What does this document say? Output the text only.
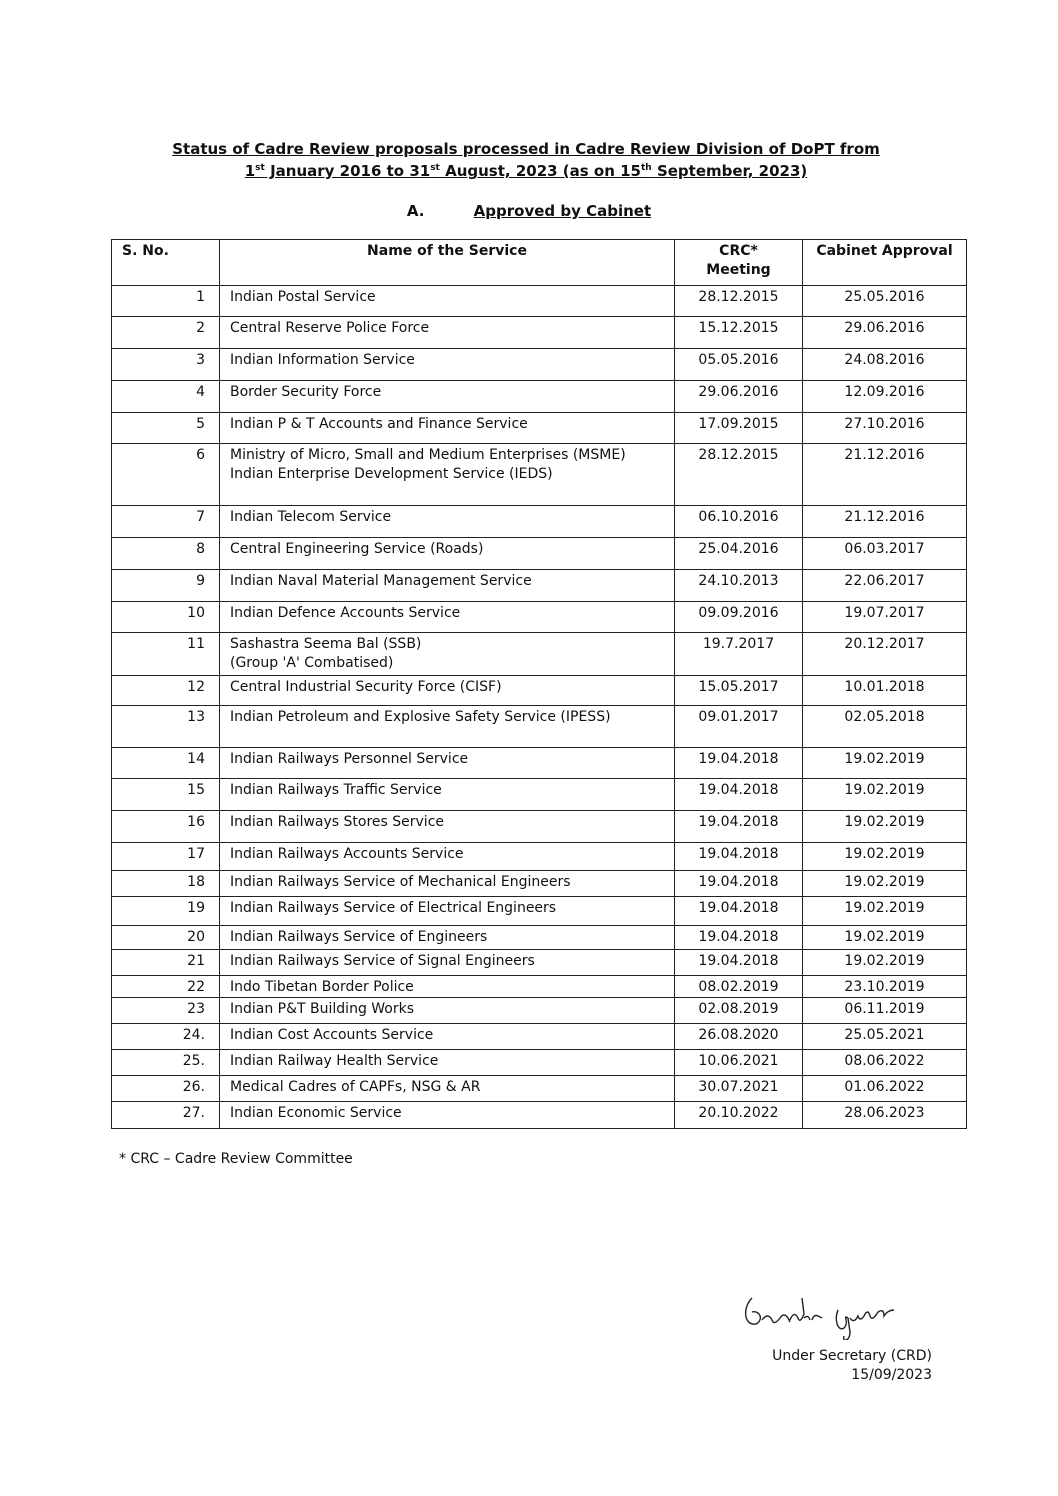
Status of Cadre Review proposals processed in Cadre Review Division of DoPT from
1st January 2016 to 31st August, 2023 (as on 15th September, 2023)
A.	Approved by Cabinet
S. No.	Name of the Service	CRC* Meeting	Cabinet Approval
1	Indian Postal Service	28.12.2015	25.05.2016
2	Central Reserve Police Force	15.12.2015	29.06.2016
3	Indian Information Service	05.05.2016	24.08.2016
4	Border Security Force	29.06.2016	12.09.2016
5	Indian P & T Accounts and Finance Service	17.09.2015	27.10.2016
6	Ministry of Micro, Small and Medium Enterprises (MSME)
Indian Enterprise Development Service (IEDS)	28.12.2015	21.12.2016
7	Indian Telecom Service	06.10.2016	21.12.2016
8	Central Engineering Service (Roads)	25.04.2016	06.03.2017
9	Indian Naval Material Management Service	24.10.2013	22.06.2017
10	Indian Defence Accounts Service	09.09.2016	19.07.2017
11	Sashastra Seema Bal (SSB)
(Group 'A' Combatised)	19.7.2017	20.12.2017
12	Central Industrial Security Force (CISF)	15.05.2017	10.01.2018
13	Indian Petroleum and Explosive Safety Service (IPESS)	09.01.2017	02.05.2018
14	Indian Railways Personnel Service	19.04.2018	19.02.2019
15	Indian Railways Traffic Service	19.04.2018	19.02.2019
16	Indian Railways Stores Service	19.04.2018	19.02.2019
17	Indian Railways Accounts Service	19.04.2018	19.02.2019
18	Indian Railways Service of Mechanical Engineers	19.04.2018	19.02.2019
19	Indian Railways Service of Electrical Engineers	19.04.2018	19.02.2019
20	Indian Railways Service of Engineers	19.04.2018	19.02.2019
21	Indian Railways Service of Signal Engineers	19.04.2018	19.02.2019
22	Indo Tibetan Border Police	08.02.2019	23.10.2019
23	Indian P&T Building Works	02.08.2019	06.11.2019
24.	Indian Cost Accounts Service	26.08.2020	25.05.2021
25.	Indian Railway Health Service	10.06.2021	08.06.2022
26.	Medical Cadres of CAPFs, NSG & AR	30.07.2021	01.06.2022
27.	Indian Economic Service	20.10.2022	28.06.2023
* CRC – Cadre Review Committee
Under Secretary (CRD)
15/09/2023
